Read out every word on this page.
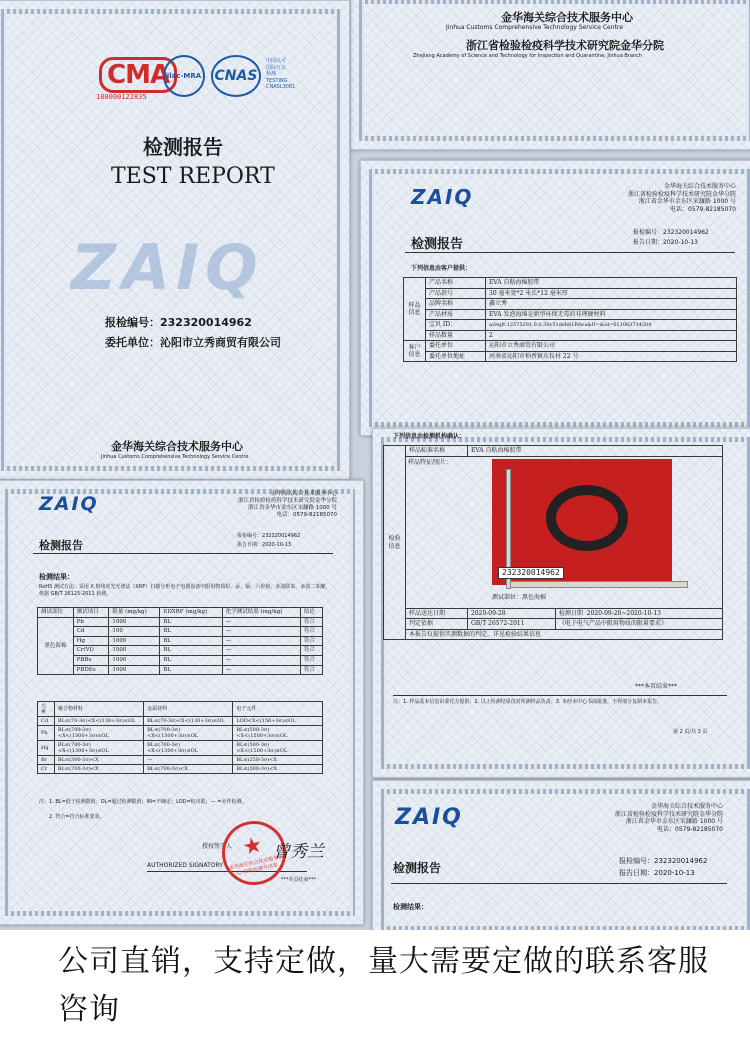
金华海关综合技术服务中心
Jinhua Customs Comprehensive Technology Service Centre
浙江省检验检疫科学技术研究院金华分院
Zhejiang Academy of Science and Technology for Inspection and Quarantine, Jinhua Branch
CMA
180000122835
ilac-MRA CNAS
中国认可
国际互认
检测
TESTING
CNASL3081
检测报告
TEST REPORT
ZAIQ
报检编号：232320014962
委托单位：沁阳市立秀商贸有限公司
金华海关综合技术服务中心
Jinhua Customs Comprehensive Technology Service Centre
ZAIQ	金华海关综合技术服务中心
浙江省检验检疫科学技术研究院金华分院
浙江省金华市金东区宋濂路 1000 号
电话：0579-82185070
检测报告
报检编号：232320014962
报告日期：2020-10-13
下列信息由客户提供：
样品信息	产品名称	EVA 自粘海棉胶带
	产品款号	30 毫米宽*2 米长*12 毫米厚
	品牌名称	鑫立秀
	产品材质	EVA 发泡海绵是新型环保无毒的非理硬材料
	宝贝 ID：	a2eqfr.12575281.0.0.30c51deb61Rfwa&ft=&id=611063734204
	样品数量	2
客户信息	委托单位	沁阳市立秀商贸有限公司
	委托单位地址	河南省沁阳市柏香镇东仪村 22 号
下列信息由检测机构确认：
检验信息	样品标准名称	EVA 自粘海棉胶带	

	样品特征/照片：
232320014962
测试部位：黑色海棉		

	样品送达日期	2020-09-28	检测日期 2020-09-28~2020-10-13
	判定依据	GB/T 26572-2011	《电子电气产品中限用物质的限量要求》
	本报告仅提供实测数据的判定，详见检验结果信息		
***本页结束***
注：1. 样品基本信息由委托方提供；2. 以上检测结果仅对所测样品负责；3. 未经本中心书面批准，不得部分复制本报告。
第 2 页/共 3 页
ZAIQ	金华海关综合技术服务中心
浙江省检验检疫科学技术研究院金华分院
浙江省金华市金东区宋濂路 1000 号
电话：0579-82185070
检测报告	报检编号：232320014962
报告日期：2020-10-13
检测结果：
ZAIQ	金华海关综合技术服务中心
浙江省检验检疫科学技术研究院金华分院
浙江省金华市金东区宋濂路 1000 号
电话：0579-82185070
检测报告
报检编号：232320014962
报告日期：2020-10-13
检测结果：
RoHS 测试方法：采用 X 射线荧光光谱法（XRF）扫描分析电子电器设备中限用物质铅、汞、镉、六价铬、多溴联苯、多溴二苯醚，依据 GB/T 26125-2011 检测。
测试部位	测试项目	限量 (mg/kg)	EDXRF (mg/kg)	化学测试结果 (mg/kg)	结论
黑色海棉	Pb	1000	BL	—	符合
	Cd	100	BL	—	符合
	Hg	1000	BL	—	符合
	Cr(VI)	1000	BL	—	符合
	PBBs	1000	BL	—	符合
	PBDEs	1000	BL	—	符合
元素	聚合物材料	金属材料	电子元件
Cd	BL≤(70-3σ)<X<(130+3σ)≤OL	BL≤(70-3σ)<X<(130+3σ)≤OL	LOD<X<(150+3σ)≤OL
Pb	BL≤(700-3σ)<X<(1300+3σ)≤OL	BL≤(700-3σ)<X<(1300+3σ)≤OL	BL≤(500-3σ)<X<(1500+3σ)≤OL
Hg	BL≤(700-3σ)<X<(1300+3σ)≤OL	BL≤(700-3σ)<X<(1300+3σ)≤OL	BL≤(500-3σ)<X<(1500+3σ)≤OL
Br	BL≤(300-3σ)<X	—	BL≤(250-3σ)<X
Cr	BL≤(700-3σ)<X	BL≤(700-3σ)<X	BL≤(500-3σ)<X
注：1. BL=低于检测限值；OL=超过检测限值；IN=不确定；LOD=检出限；— =未作检测。
2. 符合=符合标准要求。
授权签字人
AUTHORIZED SIGNATORY
★
金华海关综合技术服务中心 检验检测专用章
曾秀兰
***本页结束***
公司直销，支持定做，量大需要定做的联系客服
咨询
